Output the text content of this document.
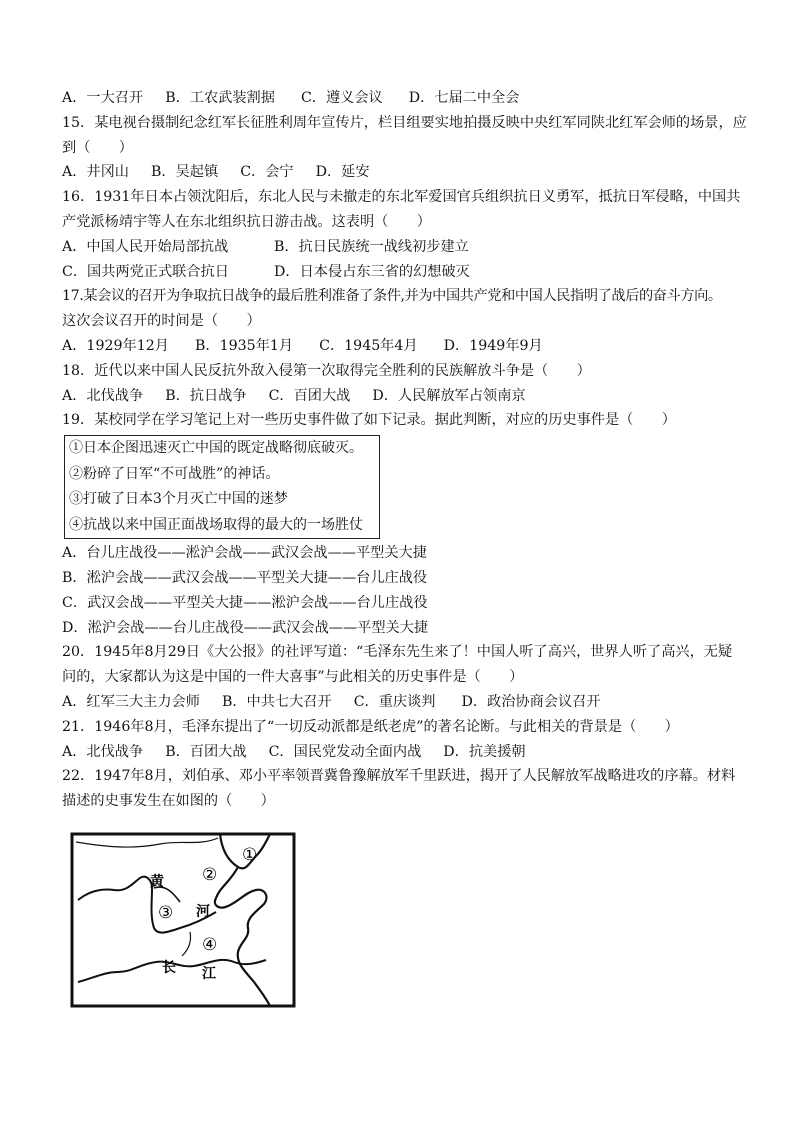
A．一大召开 B．工农武装割据 C．遵义会议 D．七届二中全会
15．某电视台摄制纪念红军长征胜利周年宣传片，栏目组要实地拍摄反映中央红军同陕北红军会师的场景，应
到（　　）
A．井冈山 B．吴起镇 C．会宁 D．延安
16．1931年日本占领沈阳后，东北人民与未撤走的东北军爱国官兵组织抗日义勇军，抵抗日军侵略，中国共
产党派杨靖宇等人在东北组织抗日游击战。这表明（　　）
A．中国人民开始局部抗战	B．抗日民族统一战线初步建立
C．国共两党正式联合抗日	D．日本侵占东三省的幻想破灭
17.某会议的召开为争取抗日战争的最后胜利准备了条件,并为中国共产党和中国人民指明了战后的奋斗方向。
这次会议召开的时间是（　　）
A．1929年12月 B．1935年1月 C．1945年4月 D．1949年9月
18．近代以来中国人民反抗外敌入侵第一次取得完全胜利的民族解放斗争是（　　）
A．北伐战争 B．抗日战争 C．百团大战 D．人民解放军占领南京
19．某校同学在学习笔记上对一些历史事件做了如下记录。据此判断，对应的历史事件是（　　）
①日本企图迅速灭亡中国的既定战略彻底破灭。
②粉碎了日军“不可战胜”的神话。
③打破了日本3个月灭亡中国的迷梦
④抗战以来中国正面战场取得的最大的一场胜仗
A．台儿庄战役——淞沪会战——武汉会战——平型关大捷
B．淞沪会战——武汉会战——平型关大捷——台儿庄战役
C．武汉会战——平型关大捷——淞沪会战——台儿庄战役
D．淞沪会战——台儿庄战役——武汉会战——平型关大捷
20．1945年8月29日《大公报》的社评写道：“毛泽东先生来了！中国人听了高兴，世界人听了高兴，无疑
问的，大家都认为这是中国的一件大喜事”与此相关的历史事件是（　　）
A．红军三大主力会师 B．中共七大召开 C．重庆谈判 D．政治协商会议召开
21．1946年8月，毛泽东提出了“一切反动派都是纸老虎”的著名论断。与此相关的背景是（　　）
A．北伐战争 B．百团大战 C．国民党发动全面内战 D．抗美援朝
22．1947年8月，刘伯承、邓小平率领晋冀鲁豫解放军千里跃进，揭开了人民解放军战略进攻的序幕。材料
描述的史事发生在如图的（　　）
黄
河
长 江
①
②
③
④
